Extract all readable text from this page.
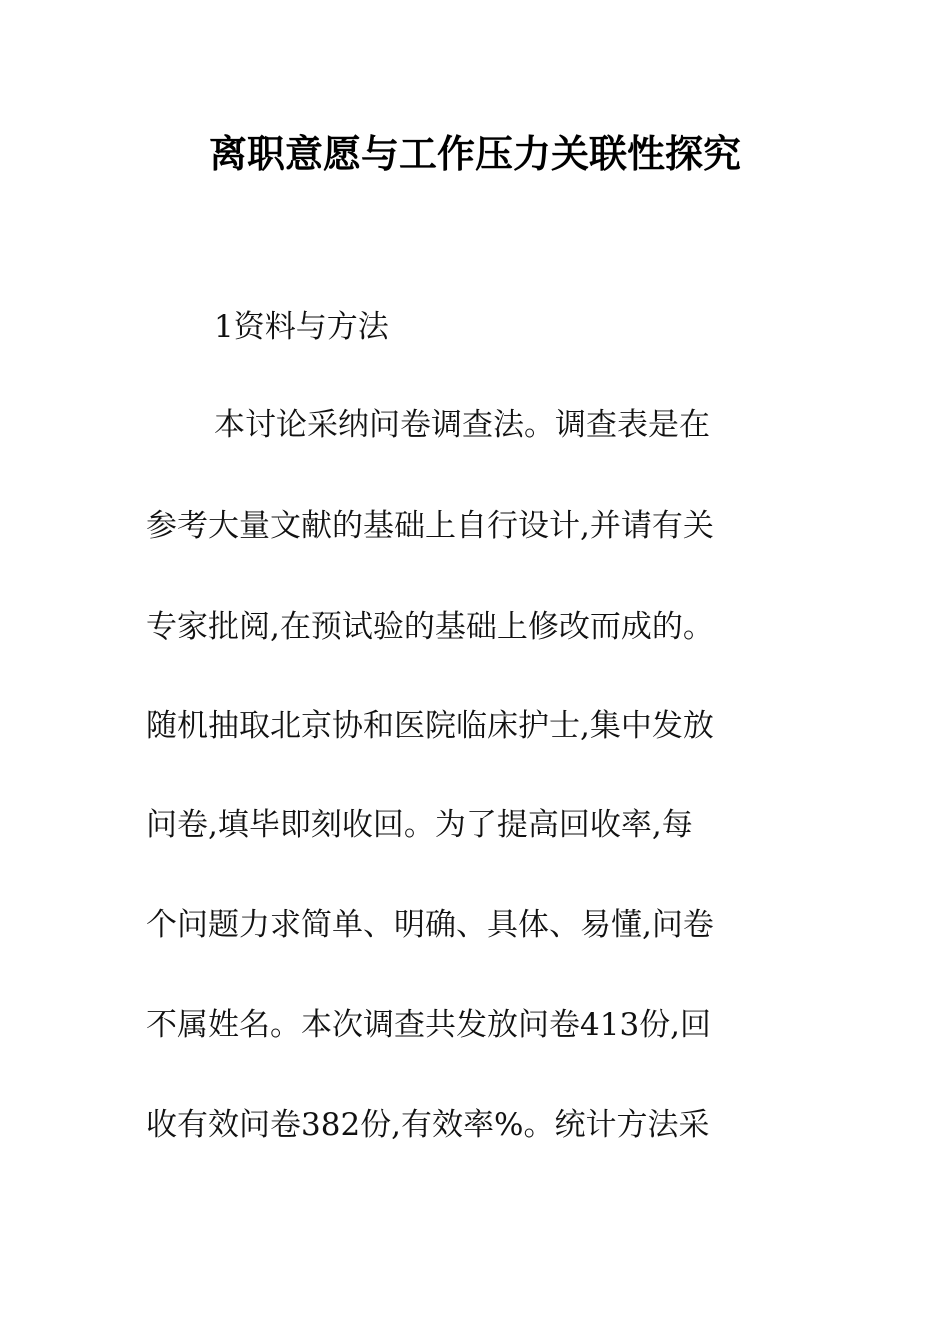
离职意愿与工作压力关联性探究
1资料与方法
本讨论采纳问卷调查法。调查表是在
参考大量文献的基础上自行设计,并请有关
专家批阅,在预试验的基础上修改而成的。
随机抽取北京协和医院临床护士,集中发放
问卷,填毕即刻收回。为了提高回收率,每
个问题力求简单、明确、具体、易懂,问卷
不属姓名。本次调查共发放问卷413份,回
收有效问卷382份,有效率%。统计方法采
